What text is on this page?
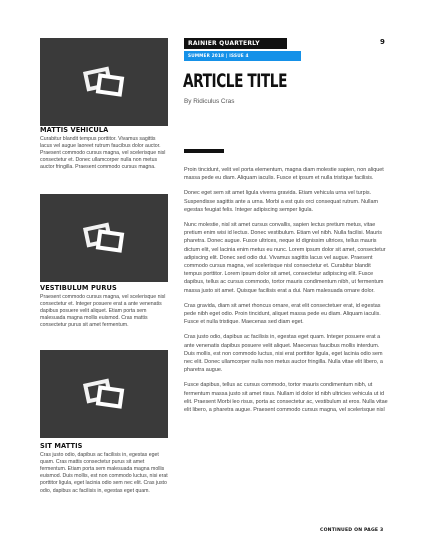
MATTIS VEHICULA

Curabitur blandit tempus porttitor. Vivamus sagittis lacus vel augue laoreet rutrum faucibus dolor auctor. Praesent commodo cursus magna, vel scelerisque nisl consectetur et. Donec ullamcorper nulla non metus auctor fringilla. Praesent commodo cursus magna.

VESTIBULUM PURUS

Praesent commodo cursus magna, vel scelerisque nisl consectetur et. Integer posuere erat a ante venenatis dapibus posuere velit aliquet. Etiam porta sem malesuada magna mollis euismod. Cras mattis consectetur purus sit amet fermentum.

SIT MATTIS

Cras justo odio, dapibus ac facilisis in, egestas eget quam. Cras mattis consectetur purus sit amet fermentum. Etiam porta sem malesuada magna mollis euismod. Duis mollis, est non commodo luctus, nisi erat porttitor ligula, eget lacinia odio sem nec elit. Cras justo odio, dapibus ac facilisis in, egestas eget quam.

RAINIER QUARTERLY
SUMMER 2018 | ISSUE 4
9
ARTICLE TITLE

By Ridiculus Cras

Proin tincidunt, velit vel porta elementum, magna diam molestie sapien, non aliquet massa pede eu diam. Aliquam iaculis. Fusce et ipsum et nulla tristique facilisis.

Donec eget sem sit amet ligula viverra gravida. Etiam vehicula urna vel turpis. Suspendisse sagittis ante a urna. Morbi a est quis orci consequat rutrum. Nullam egestas feugiat felis. Integer adipiscing semper ligula.

Nunc molestie, nisl sit amet cursus convallis, sapien lectus pretium metus, vitae pretium enim wisi id lectus. Donec vestibulum. Etiam vel nibh. Nulla facilisi. Mauris pharetra. Donec augue. Fusce ultrices, neque id dignissim ultrices, tellus mauris dictum elit, vel lacinia enim metus eu nunc. Lorem ipsum dolor sit amet, consectetur adipiscing elit. Donec sed odio dui. Vivamus sagittis lacus vel augue. Praesent commodo cursus magna, vel scelerisque nisl consectetur et. Curabitur blandit tempus porttitor. Lorem ipsum dolor sit amet, consectetur adipiscing elit. Fusce dapibus, tellus ac cursus commodo, tortor mauris condimentum nibh, ut fermentum massa justo sit amet. Quisque facilisis erat a dui. Nam malesuada ornare dolor.

Cras gravida, diam sit amet rhoncus ornare, erat elit consectetuer erat, id egestas pede nibh eget odio. Proin tincidunt, aliquet massa pede eu diam. Aliquam iaculis. Fusce et nulla tristique. Maecenas sed diam eget.

Cras justo odio, dapibus ac facilisis in, egestas eget quam. Integer posuere erat a ante venenatis dapibus posuere velit aliquet. Maecenas faucibus mollis interdum. Duis mollis, est non commodo luctus, nisi erat porttitor ligula, eget lacinia odio sem nec elit. Donec ullamcorper nulla non metus auctor fringilla. Nulla vitae elit libero, a pharetra augue.

Fusce dapibus, tellus ac cursus commodo, tortor mauris condimentum nibh, ut fermentum massa justo sit amet risus. Nullam id dolor id nibh ultricies vehicula ut id elit. Praesent Morbi leo risus, porta ac consectetur ac, vestibulum at eros. Nulla vitae elit libero, a pharetra augue. Praesent commodo cursus magna, vel scelerisque nisl

CONTINUED ON PAGE 3
